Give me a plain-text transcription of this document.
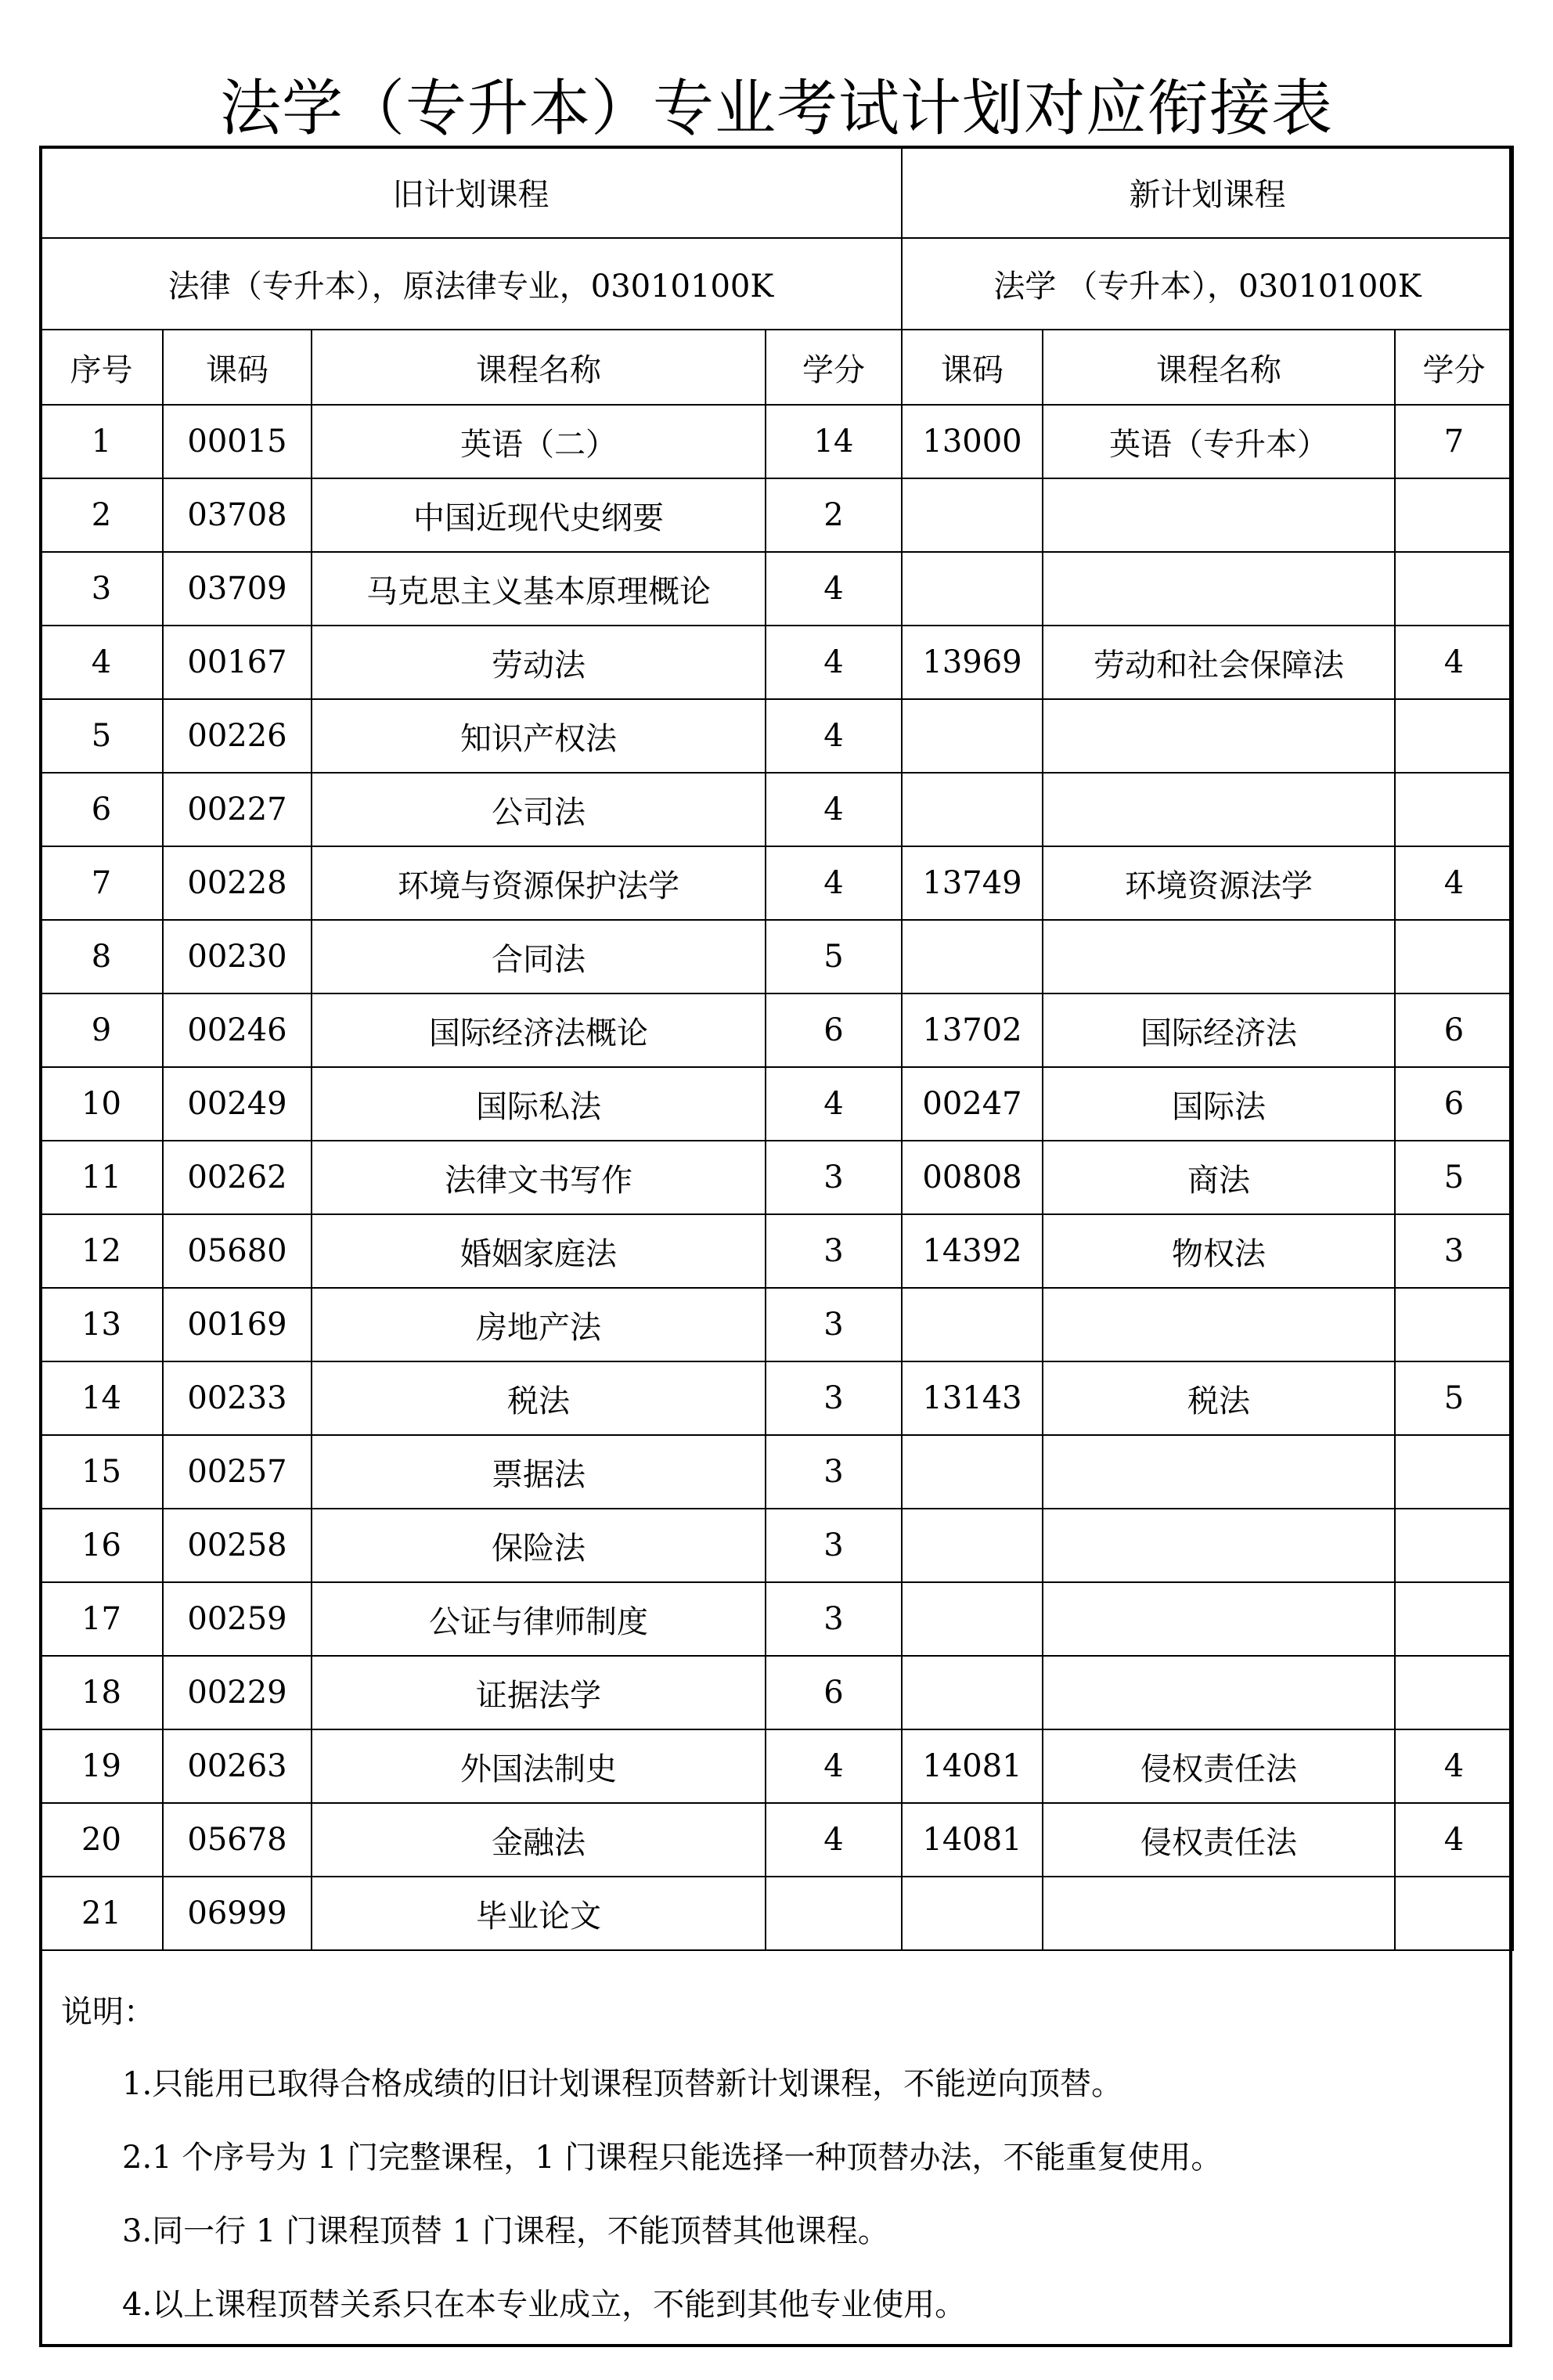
法学（专升本）专业考试计划对应衔接表
旧计划课程				新计划课程		
法律（专升本），原法律专业，03010100K				法学 （专升本），03010100K		
序号	课码	课程名称	学分	课码	课程名称	学分
1	00015	英语（二）	14	13000	英语（专升本）	7
2	03708	中国近现代史纲要	2			
3	03709	马克思主义基本原理概论	4			
4	00167	劳动法	4	13969	劳动和社会保障法	4
5	00226	知识产权法	4			
6	00227	公司法	4			
7	00228	环境与资源保护法学	4	13749	环境资源法学	4
8	00230	合同法	5			
9	00246	国际经济法概论	6	13702	国际经济法	6
10	00249	国际私法	4	00247	国际法	6
11	00262	法律文书写作	3	00808	商法	5
12	05680	婚姻家庭法	3	14392	物权法	3
13	00169	房地产法	3			
14	00233	税法	3	13143	税法	5
15	00257	票据法	3			
16	00258	保险法	3			
17	00259	公证与律师制度	3			
18	00229	证据法学	6			
19	00263	外国法制史	4	14081	侵权责任法	4
20	05678	金融法	4	14081	侵权责任法	4
21	06999	毕业论文				
说明：
1.只能用已取得合格成绩的旧计划课程顶替新计划课程，不能逆向顶替。
2.1 个序号为 1 门完整课程，1 门课程只能选择一种顶替办法，不能重复使用。
3.同一行 1 门课程顶替 1 门课程，不能顶替其他课程。
4.以上课程顶替关系只在本专业成立，不能到其他专业使用。
